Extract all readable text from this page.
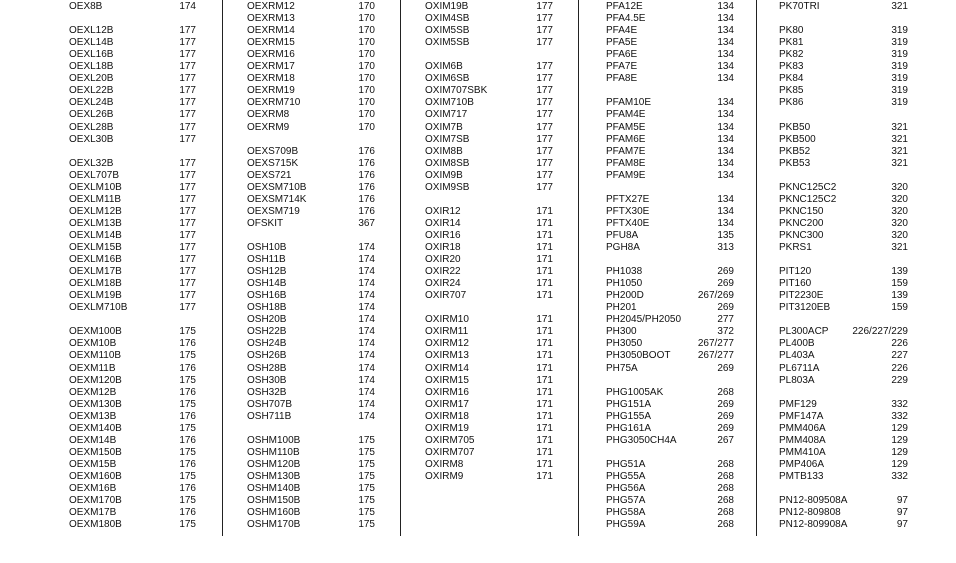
OEX8B	174
OEXL12B	177
OEXL14B	177
OEXL16B	177
OEXL18B	177
OEXL20B	177
OEXL22B	177
OEXL24B	177
OEXL26B	177
OEXL28B	177
OEXL30B	177
OEXL32B	177
OEXL707B	177
OEXLM10B	177
OEXLM11B	177
OEXLM12B	177
OEXLM13B	177
OEXLM14B	177
OEXLM15B	177
OEXLM16B	177
OEXLM17B	177
OEXLM18B	177
OEXLM19B	177
OEXLM710B	177
OEXM100B	175
OEXM10B	176
OEXM110B	175
OEXM11B	176
OEXM120B	175
OEXM12B	176
OEXM130B	175
OEXM13B	176
OEXM140B	175
OEXM14B	176
OEXM150B	175
OEXM15B	176
OEXM160B	175
OEXM16B	176
OEXM170B	175
OEXM17B	176
OEXM180B	175
OEXRM12	170
OEXRM13	170
OEXRM14	170
OEXRM15	170
OEXRM16	170
OEXRM17	170
OEXRM18	170
OEXRM19	170
OEXRM710	170
OEXRM8	170
OEXRM9	170
OEXS709B	176
OEXS715K	176
OEXS721	176
OEXSM710B	176
OEXSM714K	176
OEXSM719	176
OFSKIT	367
OSH10B	174
OSH11B	174
OSH12B	174
OSH14B	174
OSH16B	174
OSH18B	174
OSH20B	174
OSH22B	174
OSH24B	174
OSH26B	174
OSH28B	174
OSH30B	174
OSH32B	174
OSH707B	174
OSH711B	174
OSHM100B	175
OSHM110B	175
OSHM120B	175
OSHM130B	175
OSHM140B	175
OSHM150B	175
OSHM160B	175
OSHM170B	175
OXIM19B	177
OXIM4SB	177
OXIM5SB	177
OXIM5SB	177
OXIM6B	177
OXIM6SB	177
OXIM707SBK	177
OXIM710B	177
OXIM717	177
OXIM7B	177
OXIM7SB	177
OXIM8B	177
OXIM8SB	177
OXIM9B	177
OXIM9SB	177
OXIR12	171
OXIR14	171
OXIR16	171
OXIR18	171
OXIR20	171
OXIR22	171
OXIR24	171
OXIR707	171
OXIRM10	171
OXIRM11	171
OXIRM12	171
OXIRM13	171
OXIRM14	171
OXIRM15	171
OXIRM16	171
OXIRM17	171
OXIRM18	171
OXIRM19	171
OXIRM705	171
OXIRM707	171
OXIRM8	171
OXIRM9	171
PFA12E	134
PFA4.5E	134
PFA4E	134
PFA5E	134
PFA6E	134
PFA7E	134
PFA8E	134
PFAM10E	134
PFAM4E	134
PFAM5E	134
PFAM6E	134
PFAM7E	134
PFAM8E	134
PFAM9E	134
PFTX27E	134
PFTX30E	134
PFTX40E	134
PFU8A	135
PGH8A	313
PH1038	269
PH1050	269
PH200D	267/269
PH201	269
PH2045/PH2050	277
PH300	372
PH3050	267/277
PH3050BOOT	267/277
PH75A	269
PHG1005AK	268
PHG151A	269
PHG155A	269
PHG161A	269
PHG3050CH4A	267
PHG51A	268
PHG55A	268
PHG56A	268
PHG57A	268
PHG58A	268
PHG59A	268
PK70TRI	321
PK80	319
PK81	319
PK82	319
PK83	319
PK84	319
PK85	319
PK86	319
PKB50	321
PKB500	321
PKB52	321
PKB53	321
PKNC125C2	320
PKNC125C2	320
PKNC150	320
PKNC200	320
PKNC300	320
PKRS1	321
PIT120	139
PIT160	159
PIT2230E	139
PIT3120EB	159
PL300ACP 226/227/229
PL400B	226
PL403A	227
PL6711A	226
PL803A	229
PMF129	332
PMF147A	332
PMM406A	129
PMM408A	129
PMM410A	129
PMP406A	129
PMTB133	332
PN12-809508A	97
PN12-809808	97
PN12-809908A	97
